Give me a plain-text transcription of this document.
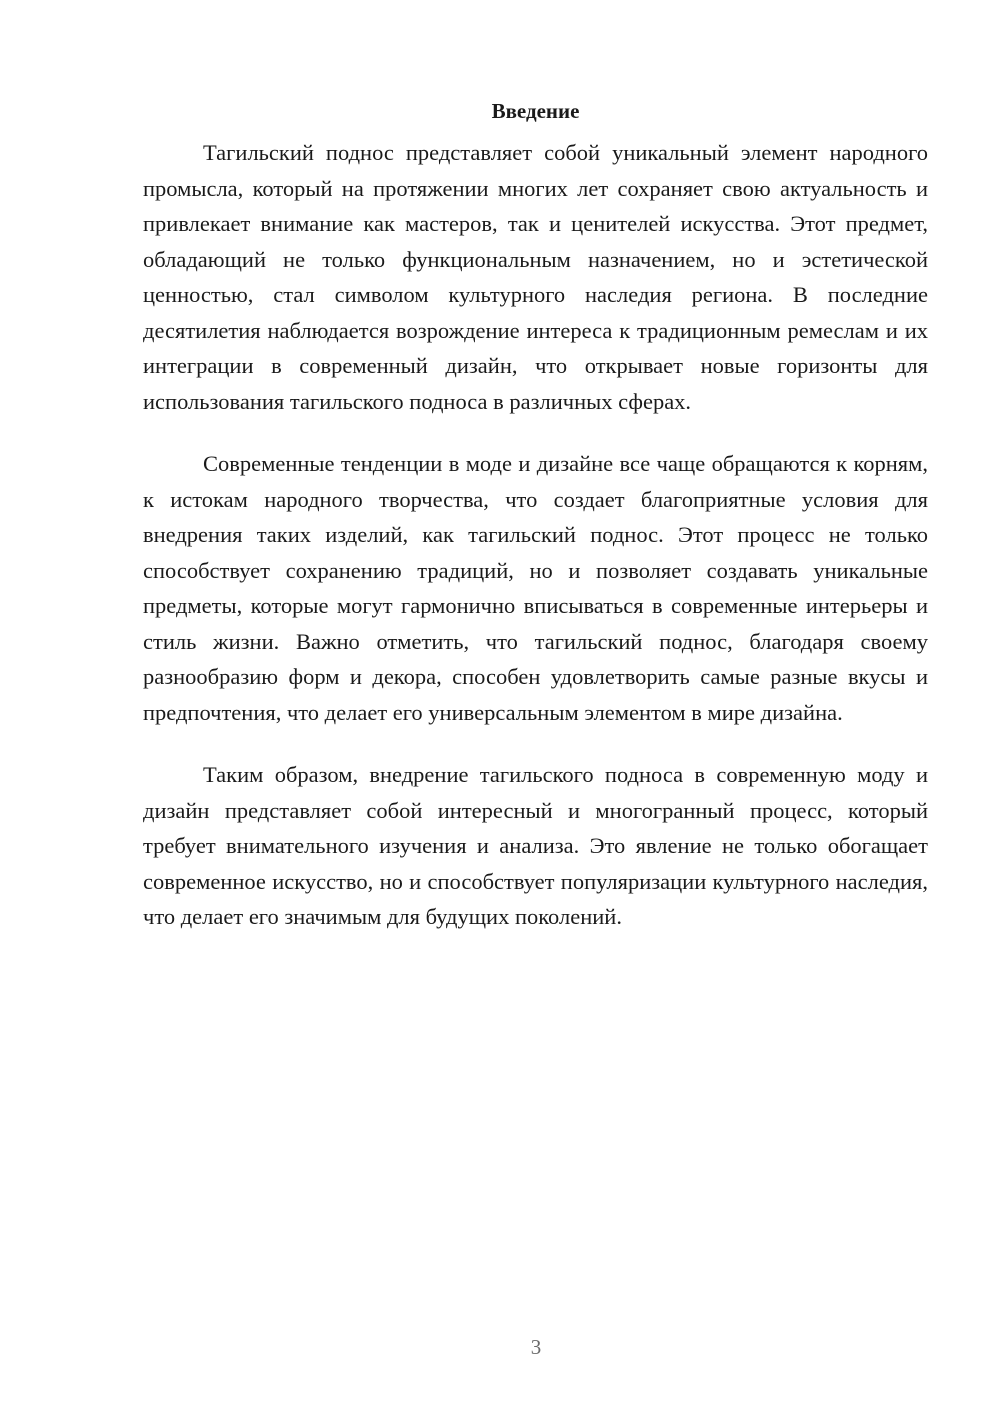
Введение

Тагильский поднос представляет собой уникальный элемент народного промысла, который на протяжении многих лет сохраняет свою актуальность и привлекает внимание как мастеров, так и ценителей искусства. Этот предмет, обладающий не только функциональным назначением, но и эстетической ценностью, стал символом культурного наследия региона. В последние десятилетия наблюдается возрождение интереса к традиционным ремеслам и их интеграции в современный дизайн, что открывает новые горизонты для использования тагильского подноса в различных сферах.

Современные тенденции в моде и дизайне все чаще обращаются к корням, к истокам народного творчества, что создает благоприятные условия для внедрения таких изделий, как тагильский поднос. Этот процесс не только способствует сохранению традиций, но и позволяет создавать уникальные предметы, которые могут гармонично вписываться в современные интерьеры и стиль жизни. Важно отметить, что тагильский поднос, благодаря своему разнообразию форм и декора, способен удовлетворить самые разные вкусы и предпочтения, что делает его универсальным элементом в мире дизайна.

Таким образом, внедрение тагильского подноса в современную моду и дизайн представляет собой интересный и многогранный процесс, который требует внимательного изучения и анализа. Это явление не только обогащает современное искусство, но и способствует популяризации культурного наследия, что делает его значимым для будущих поколений.

3
